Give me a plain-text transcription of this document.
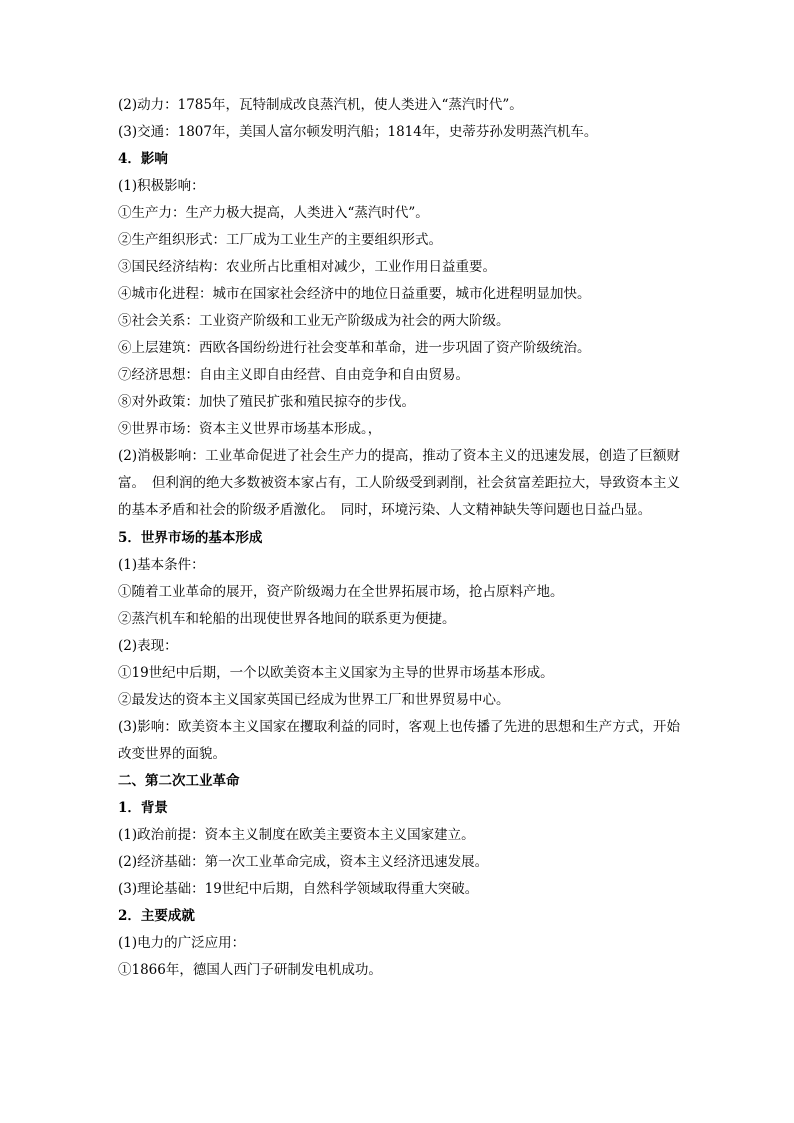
(2)动力：1785年，瓦特制成改良蒸汽机，使人类进入“蒸汽时代”。
(3)交通：1807年，美国人富尔顿发明汽船；1814年，史蒂芬孙发明蒸汽机车。
4．影响
(1)积极影响：
①生产力：生产力极大提高，人类进入“蒸汽时代”。
②生产组织形式：工厂成为工业生产的主要组织形式。
③国民经济结构：农业所占比重相对减少，工业作用日益重要。
④城市化进程：城市在国家社会经济中的地位日益重要，城市化进程明显加快。
⑤社会关系：工业资产阶级和工业无产阶级成为社会的两大阶级。
⑥上层建筑：西欧各国纷纷进行社会变革和革命，进一步巩固了资产阶级统治。
⑦经济思想：自由主义即自由经营、自由竞争和自由贸易。
⑧对外政策：加快了殖民扩张和殖民掠夺的步伐。
⑨世界市场：资本主义世界市场基本形成。，
(2)消极影响：工业革命促进了社会生产力的提高，推动了资本主义的迅速发展，创造了巨额财富。　但利润的绝大多数被资本家占有，工人阶级受到剥削，社会贫富差距拉大，导致资本主义的基本矛盾和社会的阶级矛盾激化。　同时，环境污染、人文精神缺失等问题也日益凸显。
5．世界市场的基本形成
(1)基本条件：
①随着工业革命的展开，资产阶级竭力在全世界拓展市场，抢占原料产地。
②蒸汽机车和轮船的出现使世界各地间的联系更为便捷。
(2)表现：
①19世纪中后期，一个以欧美资本主义国家为主导的世界市场基本形成。
②最发达的资本主义国家英国已经成为世界工厂和世界贸易中心。
(3)影响：欧美资本主义国家在攫取利益的同时，客观上也传播了先进的思想和生产方式，开始改变世界的面貌。
二、第二次工业革命
1．背景
(1)政治前提：资本主义制度在欧美主要资本主义国家建立。
(2)经济基础：第一次工业革命完成，资本主义经济迅速发展。
(3)理论基础：19世纪中后期，自然科学领域取得重大突破。
2．主要成就
(1)电力的广泛应用：
①1866年，德国人西门子研制发电机成功。
